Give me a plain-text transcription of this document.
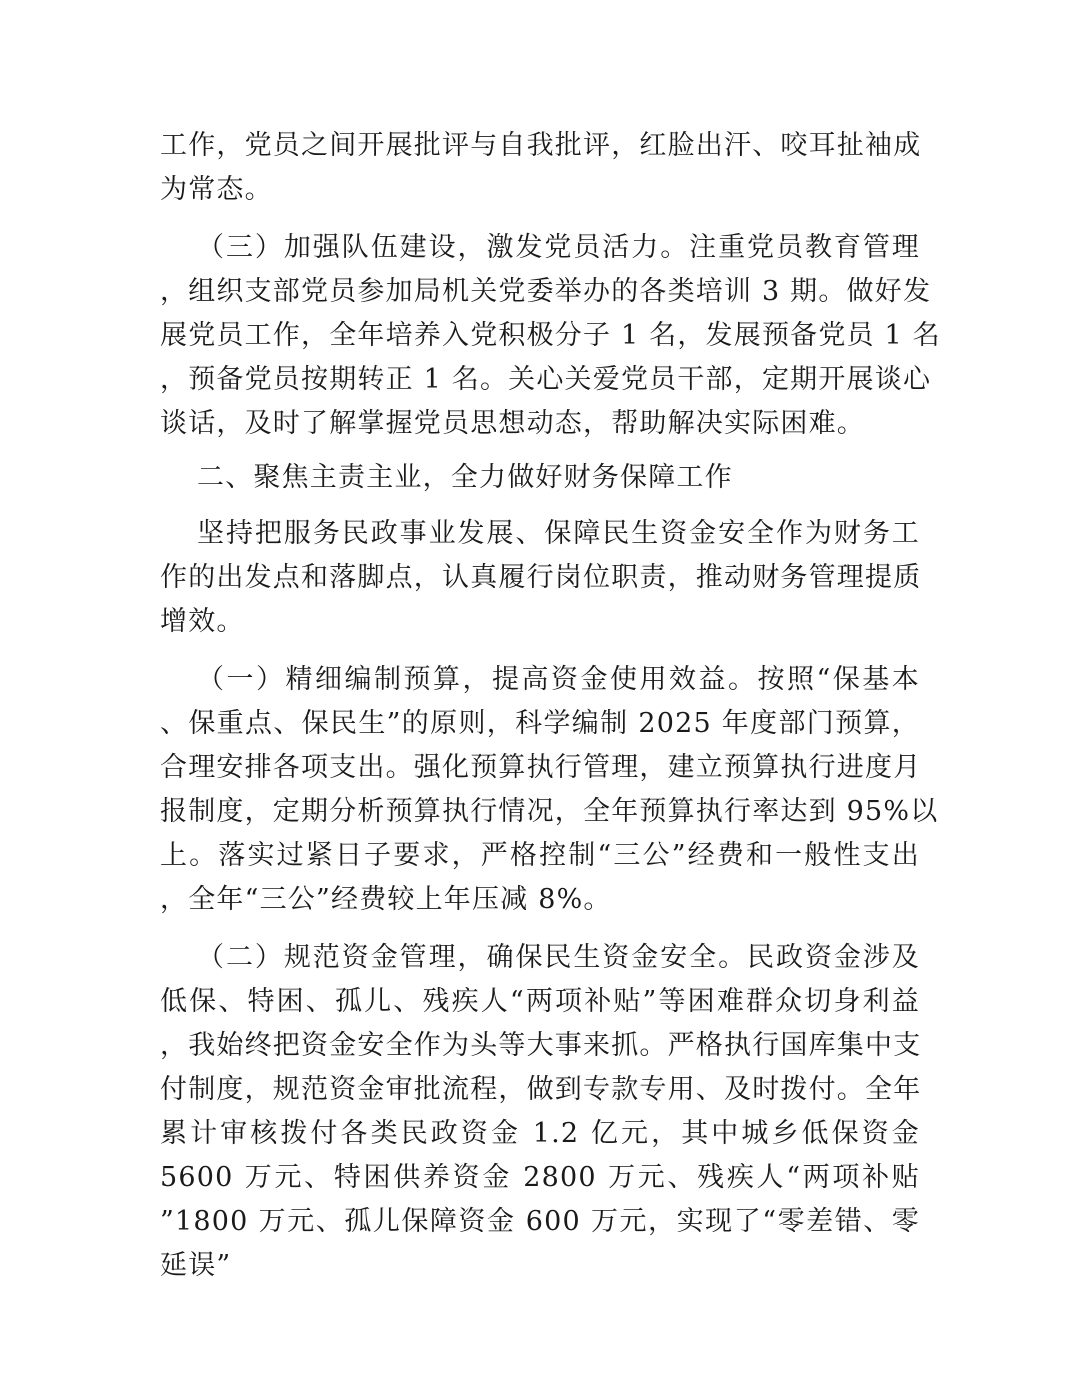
工作，党员之间开展批评与自我批评，红脸出汗、咬耳扯袖成

为常态。

（三）加强队伍建设，激发党员活力。注重党员教育管理

，组织支部党员参加局机关党委举办的各类培训 3 期。做好发

展党员工作，全年培养入党积极分子 1 名，发展预备党员 1 名

，预备党员按期转正 1 名。关心关爱党员干部，定期开展谈心

谈话，及时了解掌握党员思想动态，帮助解决实际困难。

二、聚焦主责主业，全力做好财务保障工作

坚持把服务民政事业发展、保障民生资金安全作为财务工

作的出发点和落脚点，认真履行岗位职责，推动财务管理提质

增效。

（一）精细编制预算，提高资金使用效益。按照“保基本

、保重点、保民生”的原则，科学编制 2025 年度部门预算，

合理安排各项支出。强化预算执行管理，建立预算执行进度月

报制度，定期分析预算执行情况，全年预算执行率达到 95%以

上。落实过紧日子要求，严格控制“三公”经费和一般性支出

，全年“三公”经费较上年压减 8%。

（二）规范资金管理，确保民生资金安全。民政资金涉及

低保、特困、孤儿、残疾人“两项补贴”等困难群众切身利益

，我始终把资金安全作为头等大事来抓。严格执行国库集中支

付制度，规范资金审批流程，做到专款专用、及时拨付。全年

累计审核拨付各类民政资金 1.2 亿元，其中城乡低保资金

5600 万元、特困供养资金 2800 万元、残疾人“两项补贴

”1800 万元、孤儿保障资金 600 万元，实现了“零差错、零

延误”
